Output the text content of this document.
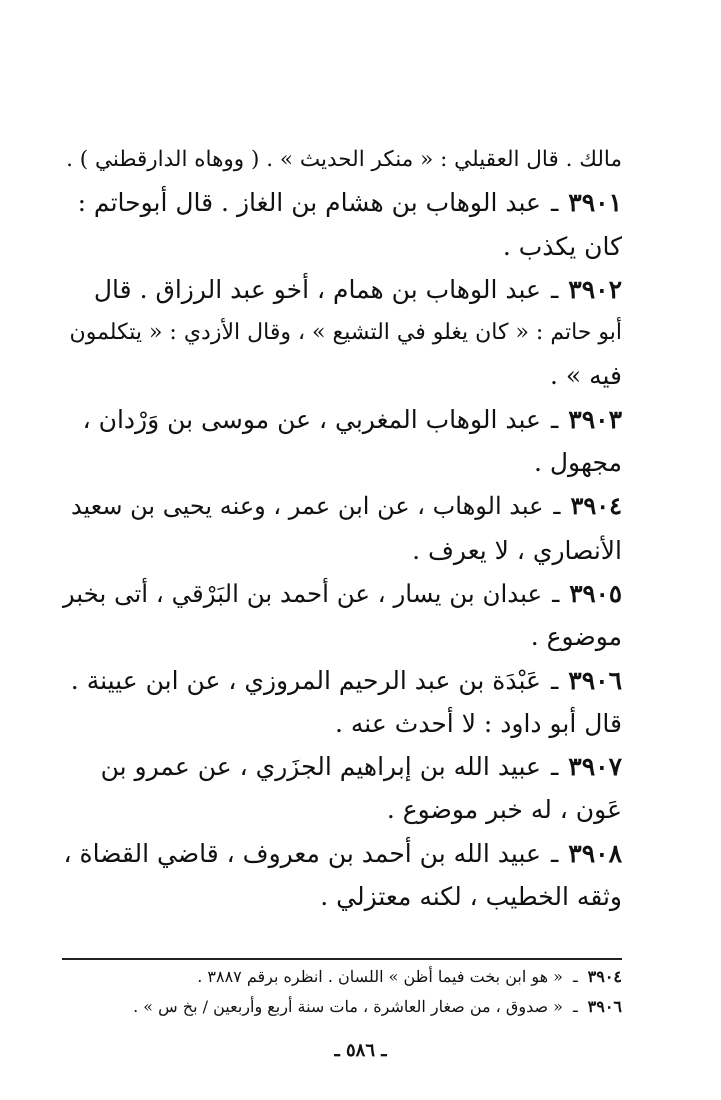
مالك . قال العقيلي : « منكر الحديث » . ( ووهاه الدارقطني ) .
٣٩٠١ـعبد الوهاب بن هشام بن الغاز . قال أبوحاتم :
كان يكذب .
٣٩٠٢ـعبد الوهاب بن همام ، أخو عبد الرزاق . قال
أبو حاتم : « كان يغلو في التشيع » ، وقال الأزدي : « يتكلمون
فيه » .
٣٩٠٣ـعبد الوهاب المغربي ، عن موسى بن وَرْدان ،
مجهول .
٣٩٠٤ـعبد الوهاب ، عن ابن عمر ، وعنه يحيى بن سعيد
الأنصاري ، لا يعرف .
٣٩٠٥ـعبدان بن يسار ، عن أحمد بن البَرْقي ، أتى بخبر
موضوع .
٣٩٠٦ـعَبْدَة بن عبد الرحيم المروزي ، عن ابن عيينة .
قال أبو داود : لا أحدث عنه .
٣٩٠٧ـعبيد الله بن إبراهيم الجزَري ، عن عمرو بن
عَون ، له خبر موضوع .
٣٩٠٨ـعبيد الله بن أحمد بن معروف ، قاضي القضاة ،
وثقه الخطيب ، لكنه معتزلي .
٣٩٠٤ـ« هو ابن بخت فيما أظن » اللسان . انظره برقم ٣٨٨٧ .
٣٩٠٦ـ« صدوق ، من صغار العاشرة ، مات سنة أربع وأربعين / بخ س » .
ـ ٥٨٦ ـ
